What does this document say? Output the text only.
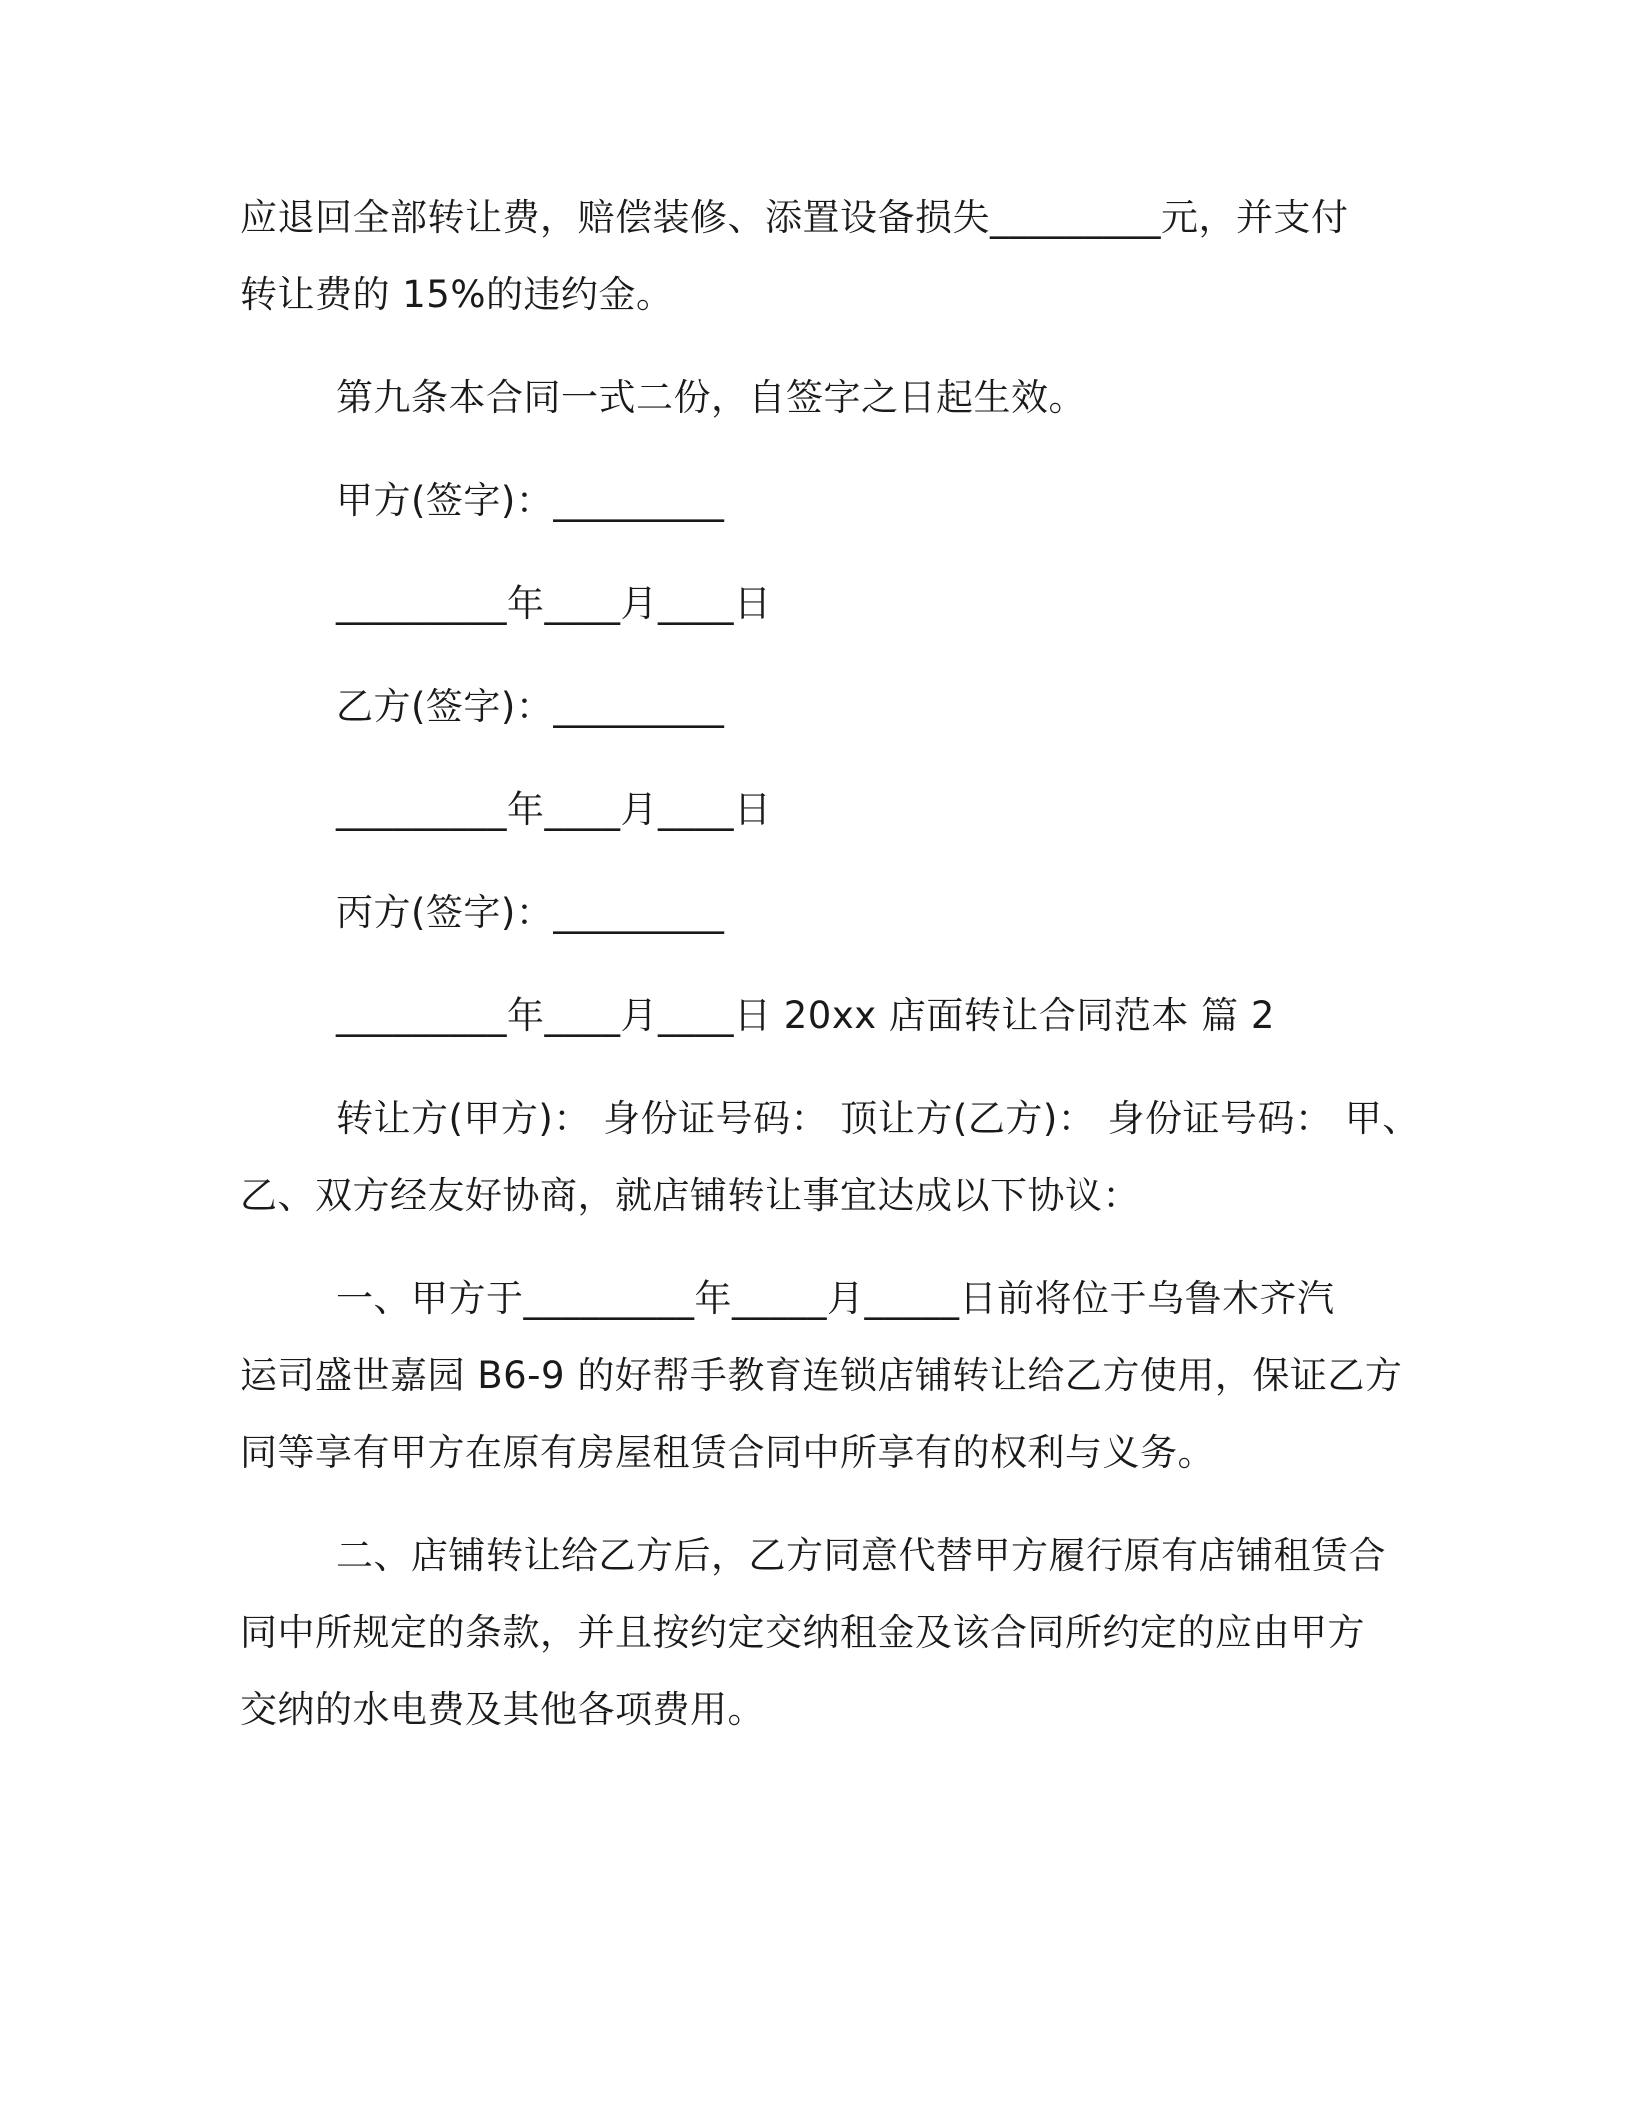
应退回全部转让费，赔偿装修、添置设备损失_________元，并支付
转让费的 15%的违约金。
第九条本合同一式二份，自签字之日起生效。
甲方(签字)：_________
_________年____月____日
乙方(签字)：_________
_________年____月____日
丙方(签字)：_________
_________年____月____日 20xx 店面转让合同范本 篇 2
转让方(甲方)： 身份证号码： 顶让方(乙方)： 身份证号码： 甲、
乙、双方经友好协商，就店铺转让事宜达成以下协议：
一、甲方于_________年_____月_____日前将位于乌鲁木齐汽
运司盛世嘉园 B6-9 的好帮手教育连锁店铺转让给乙方使用，保证乙方
同等享有甲方在原有房屋租赁合同中所享有的权利与义务。
二、店铺转让给乙方后，乙方同意代替甲方履行原有店铺租赁合
同中所规定的条款，并且按约定交纳租金及该合同所约定的应由甲方
交纳的水电费及其他各项费用。
